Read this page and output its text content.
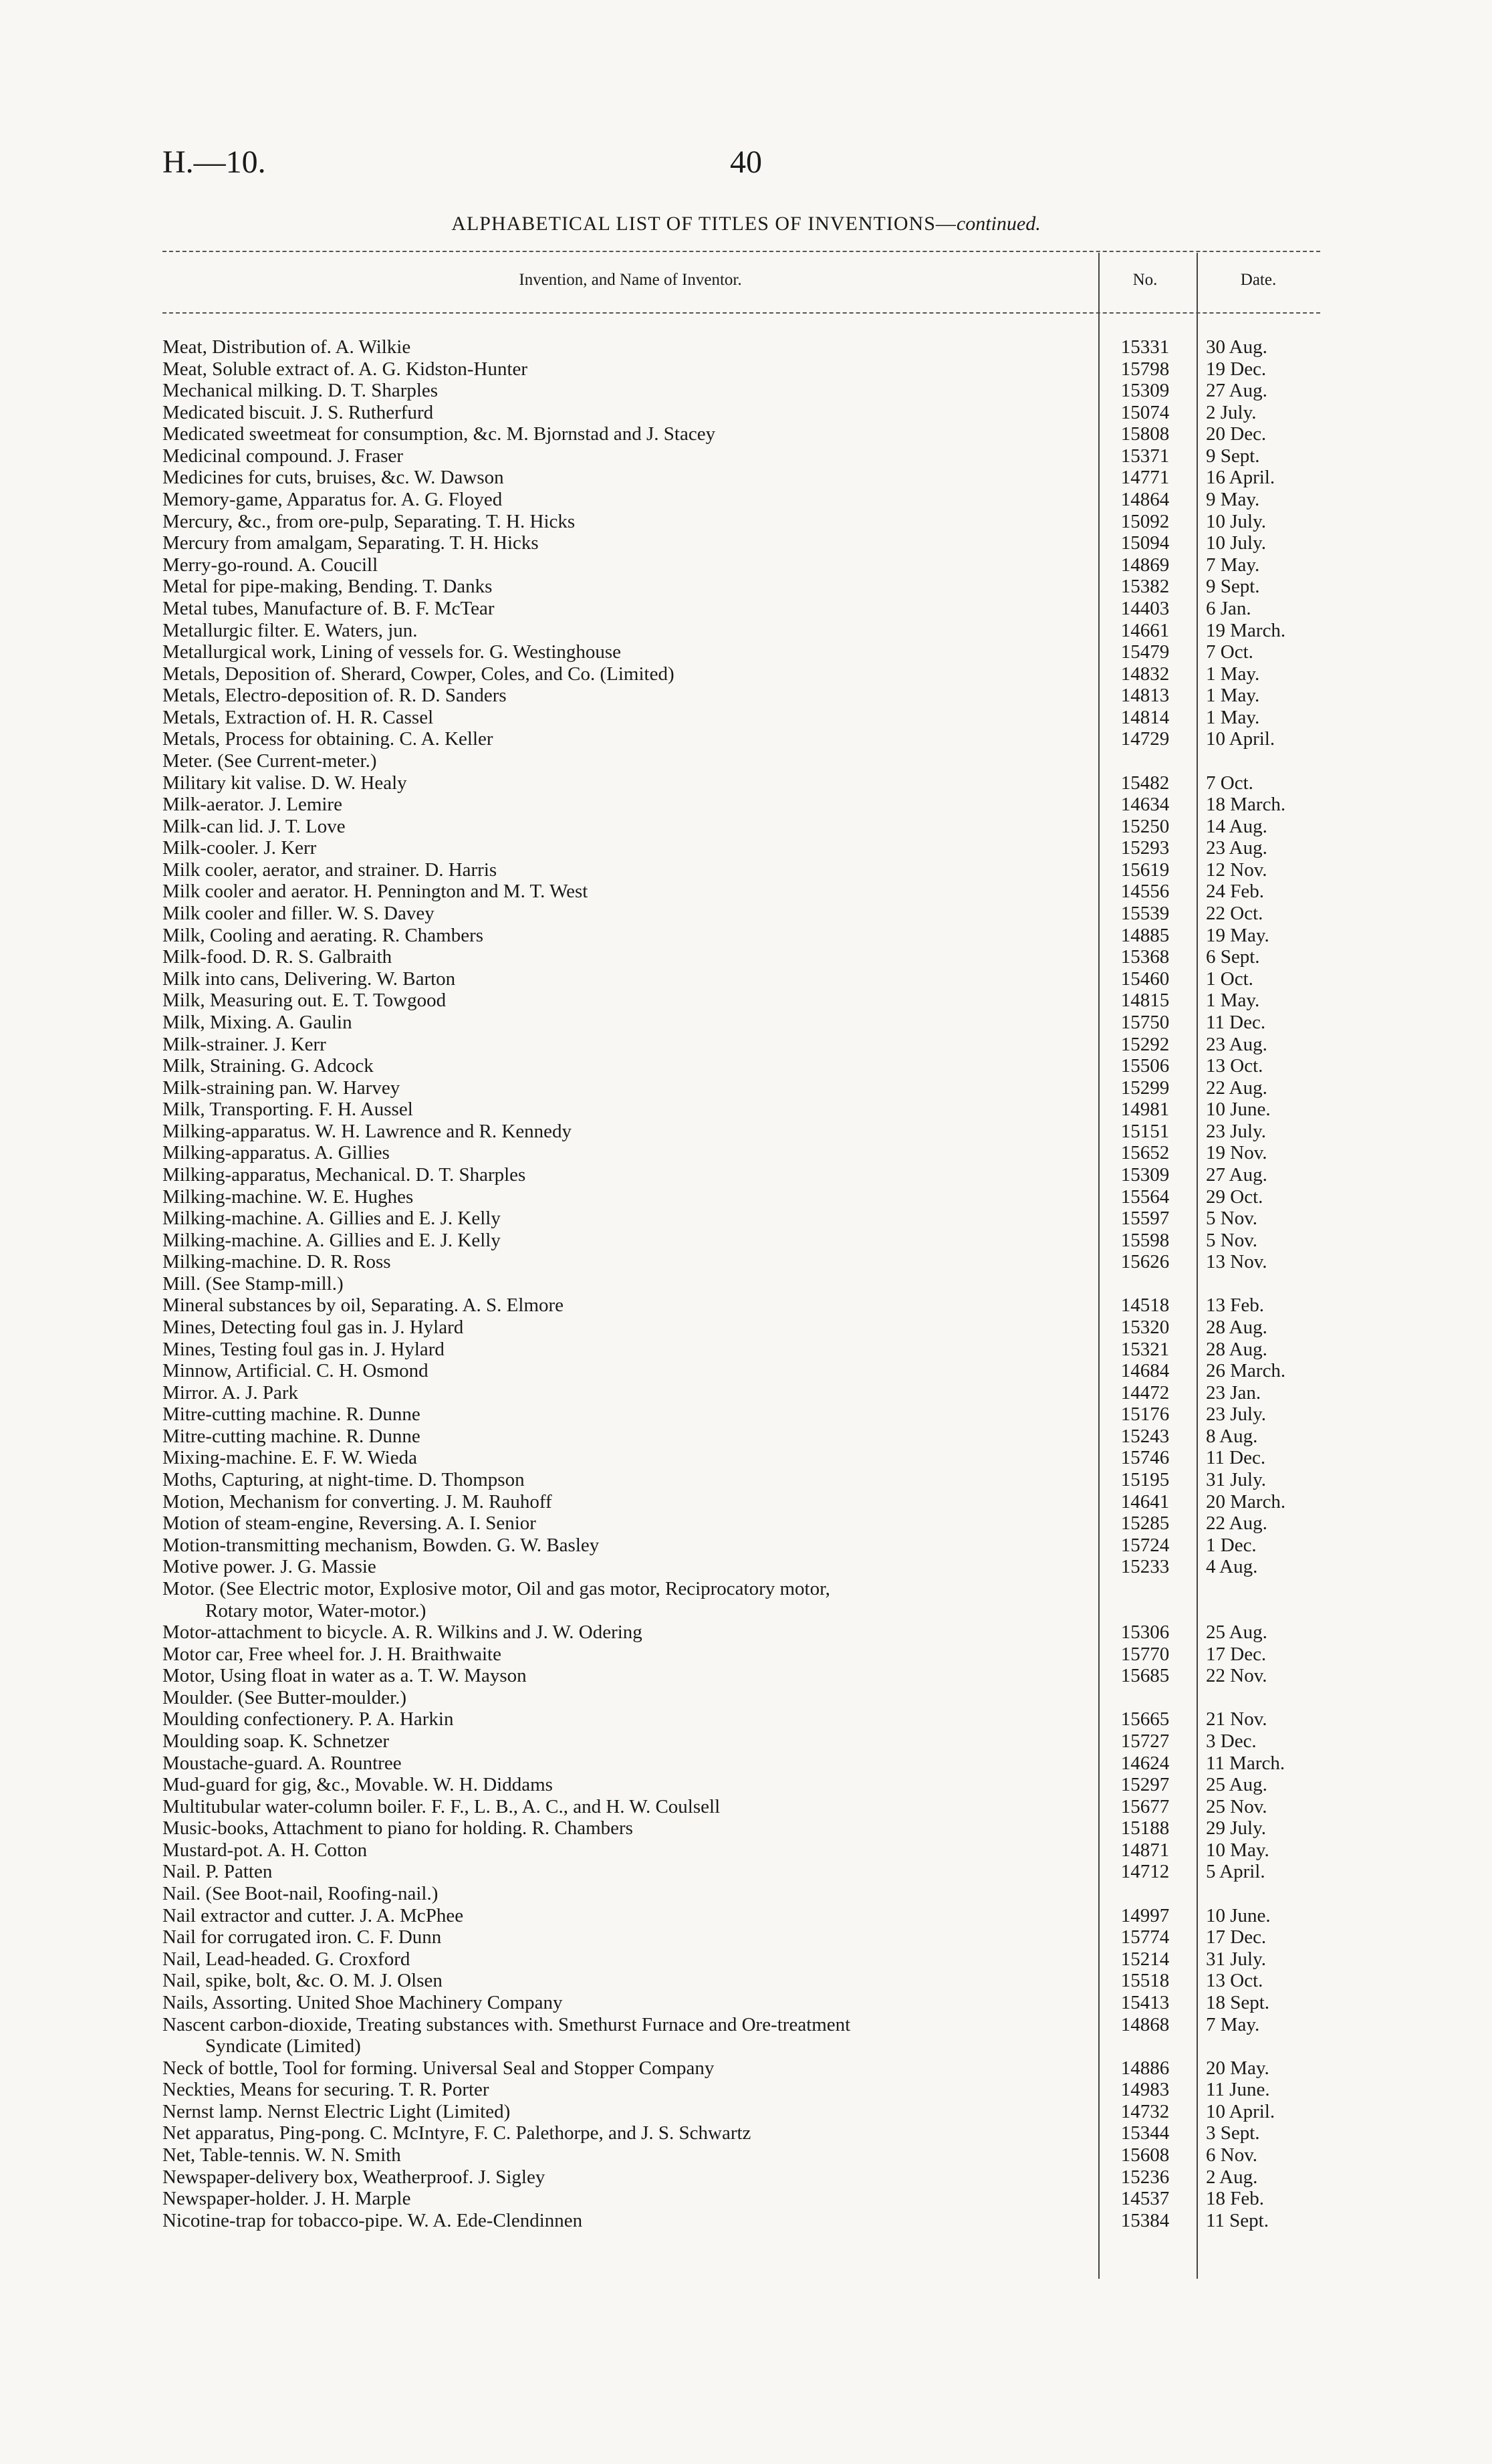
H.—10.	40
ALPHABETICAL LIST OF TITLES OF INVENTIONS—continued.
Invention, and Name of Inventor.	No.	Date.
Meat, Distribution of. A. Wilkie	15331	30 Aug.
Meat, Soluble extract of. A. G. Kidston-Hunter	15798	19 Dec.
Mechanical milking. D. T. Sharples	15309	27 Aug.
Medicated biscuit. J. S. Rutherfurd	15074	2 July.
Medicated sweetmeat for consumption, &c. M. Bjornstad and J. Stacey	15808	20 Dec.
Medicinal compound. J. Fraser	15371	9 Sept.
Medicines for cuts, bruises, &c. W. Dawson	14771	16 April.
Memory-game, Apparatus for. A. G. Floyed	14864	9 May.
Mercury, &c., from ore-pulp, Separating. T. H. Hicks	15092	10 July.
Mercury from amalgam, Separating. T. H. Hicks	15094	10 July.
Merry-go-round. A. Coucill	14869	7 May.
Metal for pipe-making, Bending. T. Danks	15382	9 Sept.
Metal tubes, Manufacture of. B. F. McTear	14403	6 Jan.
Metallurgic filter. E. Waters, jun.	14661	19 March.
Metallurgical work, Lining of vessels for. G. Westinghouse	15479	7 Oct.
Metals, Deposition of. Sherard, Cowper, Coles, and Co. (Limited)	14832	1 May.
Metals, Electro-deposition of. R. D. Sanders	14813	1 May.
Metals, Extraction of. H. R. Cassel	14814	1 May.
Metals, Process for obtaining. C. A. Keller	14729	10 April.
Meter. (See Current-meter.)
Military kit valise. D. W. Healy	15482	7 Oct.
Milk-aerator. J. Lemire	14634	18 March.
Milk-can lid. J. T. Love	15250	14 Aug.
Milk-cooler. J. Kerr	15293	23 Aug.
Milk cooler, aerator, and strainer. D. Harris	15619	12 Nov.
Milk cooler and aerator. H. Pennington and M. T. West	14556	24 Feb.
Milk cooler and filler. W. S. Davey	15539	22 Oct.
Milk, Cooling and aerating. R. Chambers	14885	19 May.
Milk-food. D. R. S. Galbraith	15368	6 Sept.
Milk into cans, Delivering. W. Barton	15460	1 Oct.
Milk, Measuring out. E. T. Towgood	14815	1 May.
Milk, Mixing. A. Gaulin	15750	11 Dec.
Milk-strainer. J. Kerr	15292	23 Aug.
Milk, Straining. G. Adcock	15506	13 Oct.
Milk-straining pan. W. Harvey	15299	22 Aug.
Milk, Transporting. F. H. Aussel	14981	10 June.
Milking-apparatus. W. H. Lawrence and R. Kennedy	15151	23 July.
Milking-apparatus. A. Gillies	15652	19 Nov.
Milking-apparatus, Mechanical. D. T. Sharples	15309	27 Aug.
Milking-machine. W. E. Hughes	15564	29 Oct.
Milking-machine. A. Gillies and E. J. Kelly	15597	5 Nov.
Milking-machine. A. Gillies and E. J. Kelly	15598	5 Nov.
Milking-machine. D. R. Ross	15626	13 Nov.
Mill. (See Stamp-mill.)
Mineral substances by oil, Separating. A. S. Elmore	14518	13 Feb.
Mines, Detecting foul gas in. J. Hylard	15320	28 Aug.
Mines, Testing foul gas in. J. Hylard	15321	28 Aug.
Minnow, Artificial. C. H. Osmond	14684	26 March.
Mirror. A. J. Park	14472	23 Jan.
Mitre-cutting machine. R. Dunne	15176	23 July.
Mitre-cutting machine. R. Dunne	15243	8 Aug.
Mixing-machine. E. F. W. Wieda	15746	11 Dec.
Moths, Capturing, at night-time. D. Thompson	15195	31 July.
Motion, Mechanism for converting. J. M. Rauhoff	14641	20 March.
Motion of steam-engine, Reversing. A. I. Senior	15285	22 Aug.
Motion-transmitting mechanism, Bowden. G. W. Basley	15724	1 Dec.
Motive power. J. G. Massie	15233	4 Aug.
Motor. (See Electric motor, Explosive motor, Oil and gas motor, Reciprocatory motor,
Rotary motor, Water-motor.)
Motor-attachment to bicycle. A. R. Wilkins and J. W. Odering	15306	25 Aug.
Motor car, Free wheel for. J. H. Braithwaite	15770	17 Dec.
Motor, Using float in water as a. T. W. Mayson	15685	22 Nov.
Moulder. (See Butter-moulder.)
Moulding confectionery. P. A. Harkin	15665	21 Nov.
Moulding soap. K. Schnetzer	15727	3 Dec.
Moustache-guard. A. Rountree	14624	11 March.
Mud-guard for gig, &c., Movable. W. H. Diddams	15297	25 Aug.
Multitubular water-column boiler. F. F., L. B., A. C., and H. W. Coulsell	15677	25 Nov.
Music-books, Attachment to piano for holding. R. Chambers	15188	29 July.
Mustard-pot. A. H. Cotton	14871	10 May.
Nail. P. Patten	14712	5 April.
Nail. (See Boot-nail, Roofing-nail.)
Nail extractor and cutter. J. A. McPhee	14997	10 June.
Nail for corrugated iron. C. F. Dunn	15774	17 Dec.
Nail, Lead-headed. G. Croxford	15214	31 July.
Nail, spike, bolt, &c. O. M. J. Olsen	15518	13 Oct.
Nails, Assorting. United Shoe Machinery Company	15413	18 Sept.
Nascent carbon-dioxide, Treating substances with. Smethurst Furnace and Ore-treatment
Syndicate (Limited)
14868	7 May.
Neck of bottle, Tool for forming. Universal Seal and Stopper Company	14886	20 May.
Neckties, Means for securing. T. R. Porter	14983	11 June.
Nernst lamp. Nernst Electric Light (Limited)	14732	10 April.
Net apparatus, Ping-pong. C. McIntyre, F. C. Palethorpe, and J. S. Schwartz	15344	3 Sept.
Net, Table-tennis. W. N. Smith	15608	6 Nov.
Newspaper-delivery box, Weatherproof. J. Sigley	15236	2 Aug.
Newspaper-holder. J. H. Marple	14537	18 Feb.
Nicotine-trap for tobacco-pipe. W. A. Ede-Clendinnen	15384	11 Sept.
